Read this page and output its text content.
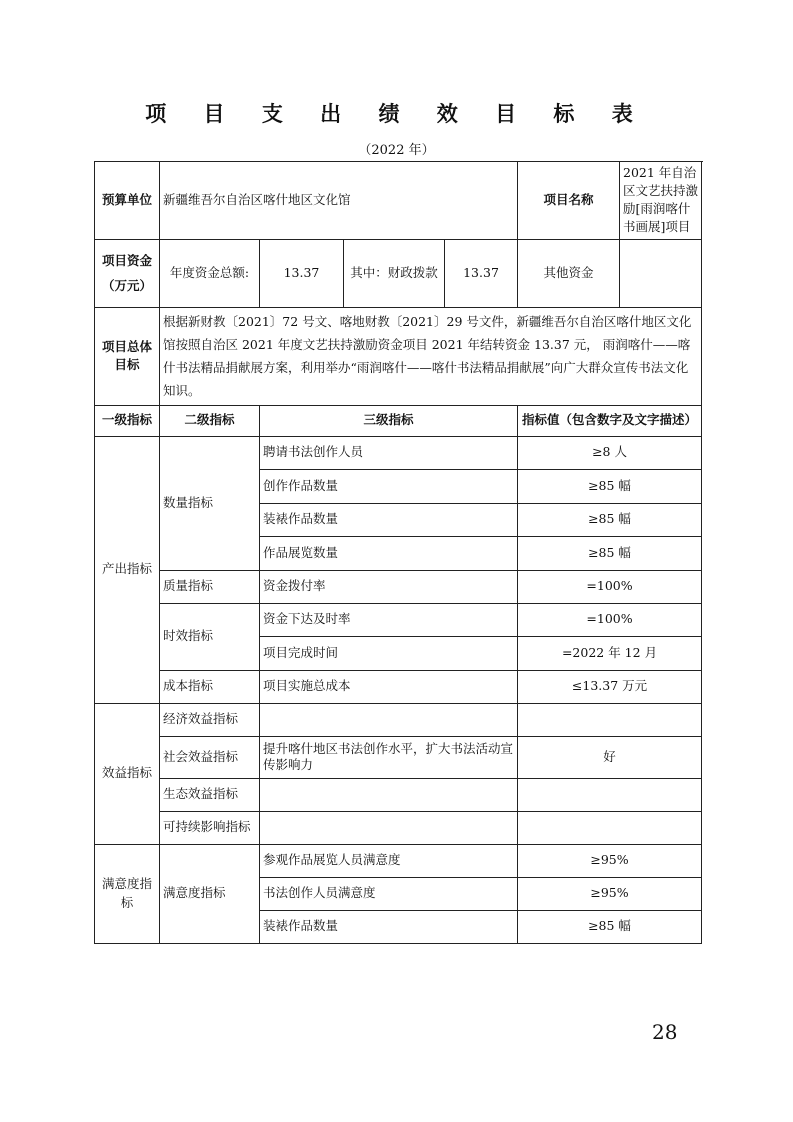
项 目 支 出 绩 效 目 标 表
（2022 年）
预算单位	新疆维吾尔自治区喀什地区文化馆				项目名称	2021 年自治区文艺扶持激励[雨润喀什书画展]项目
项目资金
（万元）	年度资金总额:	13.37	其中：财政拨款	13.37	其他资金	
项目总体目标	根据新财教〔2021〕72 号文、喀地财教〔2021〕29 号文件，新疆维吾尔自治区喀什地区文化馆按照自治区 2021 年度文艺扶持激励资金项目 2021 年结转资金 13.37 元， 雨润喀什——喀什书法精品捐献展方案，利用举办“雨润喀什——喀什书法精品捐献展”向广大群众宣传书法文化知识。					
一级指标	二级指标	三级指标			指标值（包含数字及文字描述）	
产出指标	数量指标	聘请书法创作人员			≥8 人	
		创作作品数量			≥85 幅	
		装裱作品数量			≥85 幅	
		作品展览数量			≥85 幅	
	质量指标	资金拨付率			=100%	
	时效指标	资金下达及时率			=100%	
		项目完成时间			=2022 年 12 月	
	成本指标	项目实施总成本			≤13.37 万元	
效益指标	经济效益指标					
	社会效益指标	提升喀什地区书法创作水平，扩大书法活动宣传影响力			好	
	生态效益指标					
	可持续影响指标					
满意度指标	满意度指标	参观作品展览人员满意度			≥95%	
		书法创作人员满意度			≥95%	
		装裱作品数量			≥85 幅	
28
